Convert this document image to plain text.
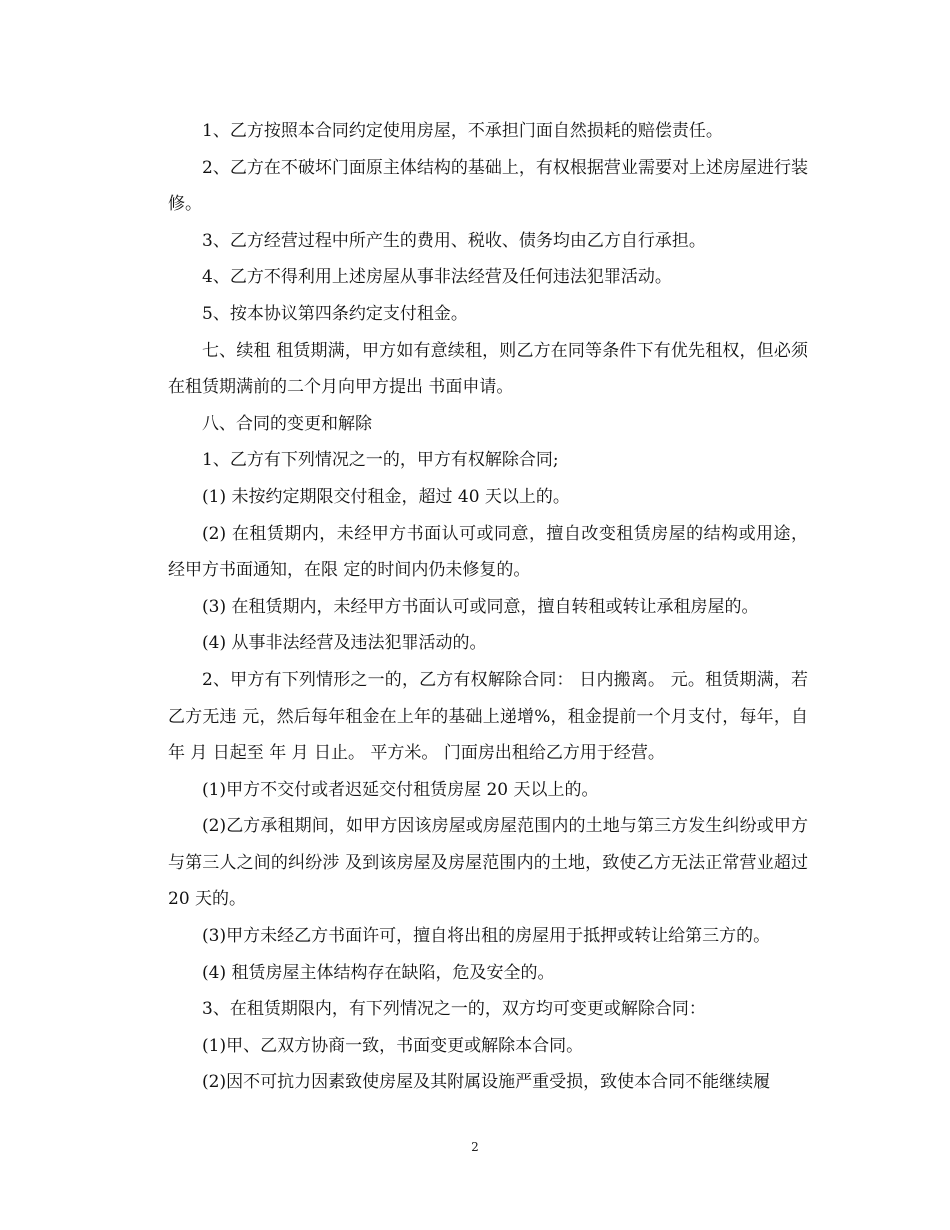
1、乙方按照本合同约定使用房屋，不承担门面自然损耗的赔偿责任。

2、乙方在不破坏门面原主体结构的基础上，有权根据营业需要对上述房屋进行装修。

3、乙方经营过程中所产生的费用、税收、债务均由乙方自行承担。

4、乙方不得利用上述房屋从事非法经营及任何违法犯罪活动。

5、按本协议第四条约定支付租金。

七、续租 租赁期满，甲方如有意续租，则乙方在同等条件下有优先租权，但必须在租赁期满前的二个月向甲方提出 书面申请。

八、合同的变更和解除

1、乙方有下列情况之一的，甲方有权解除合同;

(1) 未按约定期限交付租金，超过 40 天以上的。

(2) 在租赁期内，未经甲方书面认可或同意，擅自改变租赁房屋的结构或用途，经甲方书面通知，在限 定的时间内仍未修复的。

(3) 在租赁期内，未经甲方书面认可或同意，擅自转租或转让承租房屋的。

(4) 从事非法经营及违法犯罪活动的。

2、甲方有下列情形之一的，乙方有权解除合同： 日内搬离。 元。租赁期满，若乙方无违 元，然后每年租金在上年的基础上递增%，租金提前一个月支付，每年，自 年 月 日起至 年 月 日止。 平方米。 门面房出租给乙方用于经营。

(1)甲方不交付或者迟延交付租赁房屋 20 天以上的。

(2)乙方承租期间，如甲方因该房屋或房屋范围内的土地与第三方发生纠纷或甲方与第三人之间的纠纷涉 及到该房屋及房屋范围内的土地，致使乙方无法正常营业超过 20 天的。

(3)甲方未经乙方书面许可，擅自将出租的房屋用于抵押或转让给第三方的。

(4) 租赁房屋主体结构存在缺陷，危及安全的。

3、在租赁期限内，有下列情况之一的，双方均可变更或解除合同：

(1)甲、乙双方协商一致，书面变更或解除本合同。

(2)因不可抗力因素致使房屋及其附属设施严重受损，致使本合同不能继续履

2
